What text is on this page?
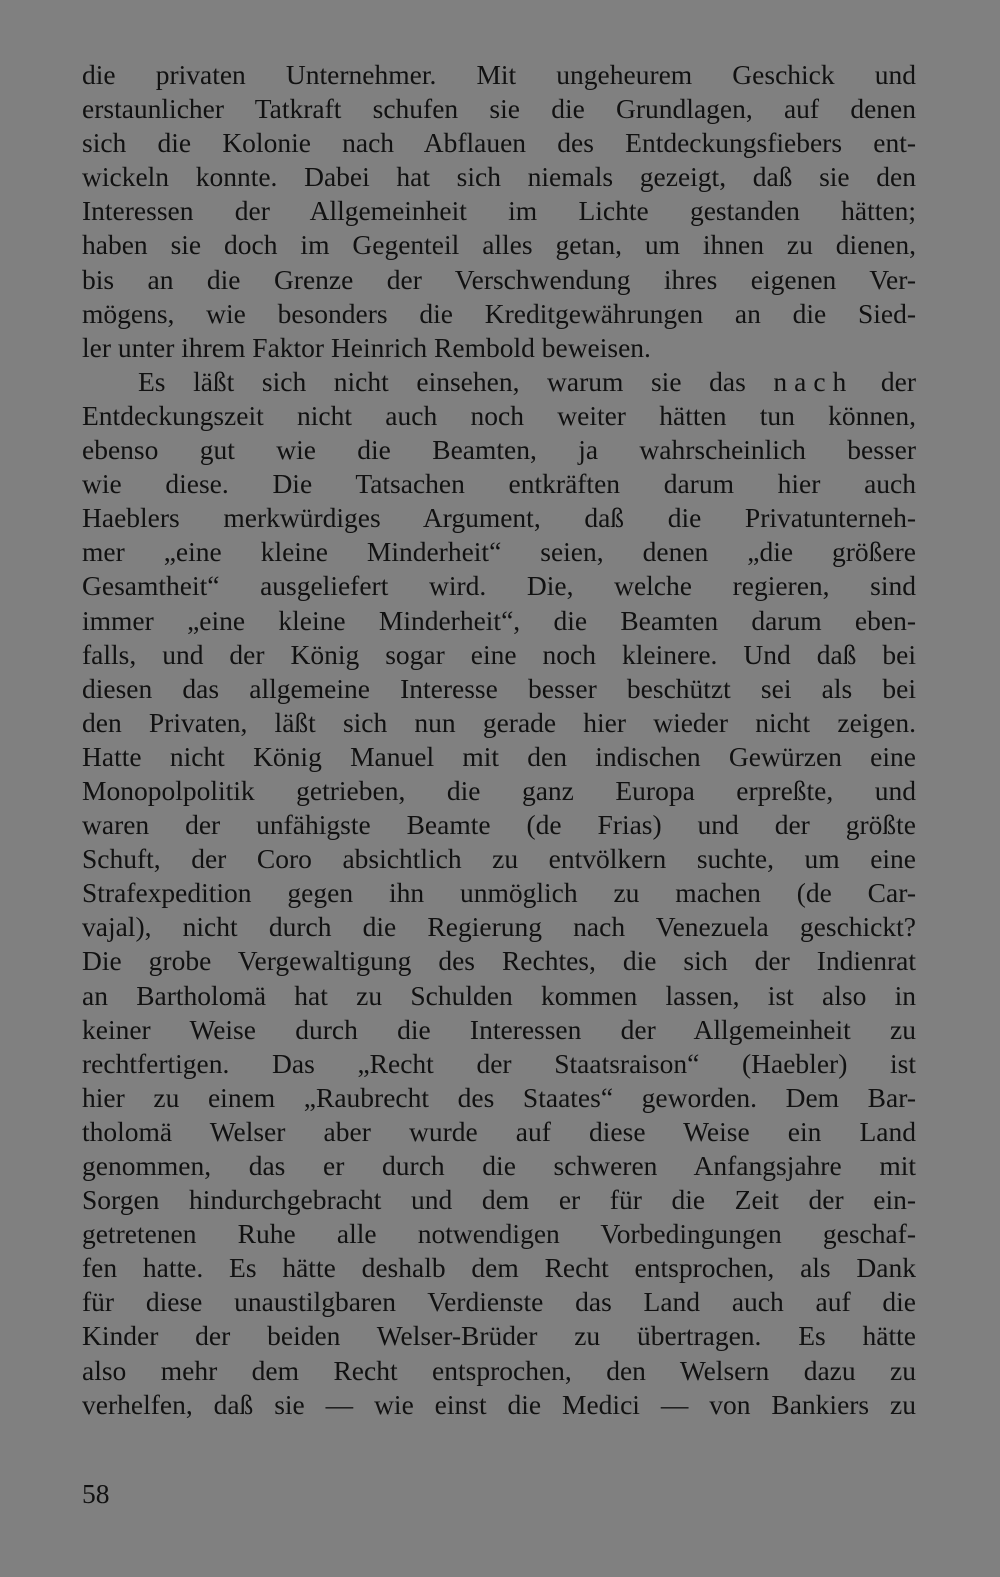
die privaten Unternehmer. Mit ungeheurem Geschick und
erstaunlicher Tatkraft schufen sie die Grundlagen, auf denen
sich die Kolonie nach Abflauen des Entdeckungsfiebers ent-
wickeln konnte. Dabei hat sich niemals gezeigt, daß sie den
Interessen der Allgemeinheit im Lichte gestanden hätten;
haben sie doch im Gegenteil alles getan, um ihnen zu dienen,
bis an die Grenze der Verschwendung ihres eigenen Ver-
mögens, wie besonders die Kreditgewährungen an die Sied-
ler unter ihrem Faktor Heinrich Rembold beweisen.
Es läßt sich nicht einsehen, warum sie das nach der
Entdeckungszeit nicht auch noch weiter hätten tun können,
ebenso gut wie die Beamten, ja wahrscheinlich besser
wie diese. Die Tatsachen entkräften darum hier auch
Haeblers merkwürdiges Argument, daß die Privatunterneh-
mer „eine kleine Minderheit“ seien, denen „die größere
Gesamtheit“ ausgeliefert wird. Die, welche regieren, sind
immer „eine kleine Minderheit“, die Beamten darum eben-
falls, und der König sogar eine noch kleinere. Und daß bei
diesen das allgemeine Interesse besser beschützt sei als bei
den Privaten, läßt sich nun gerade hier wieder nicht zeigen.
Hatte nicht König Manuel mit den indischen Gewürzen eine
Monopolpolitik getrieben, die ganz Europa erpreßte, und
waren der unfähigste Beamte (de Frias) und der größte
Schuft, der Coro absichtlich zu entvölkern suchte, um eine
Strafexpedition gegen ihn unmöglich zu machen (de Car-
vajal), nicht durch die Regierung nach Venezuela geschickt?
Die grobe Vergewaltigung des Rechtes, die sich der Indienrat
an Bartholomä hat zu Schulden kommen lassen, ist also in
keiner Weise durch die Interessen der Allgemeinheit zu
rechtfertigen. Das „Recht der Staatsraison“ (Haebler) ist
hier zu einem „Raubrecht des Staates“ geworden. Dem Bar-
tholomä Welser aber wurde auf diese Weise ein Land
genommen, das er durch die schweren Anfangsjahre mit
Sorgen hindurchgebracht und dem er für die Zeit der ein-
getretenen Ruhe alle notwendigen Vorbedingungen geschaf-
fen hatte. Es hätte deshalb dem Recht entsprochen, als Dank
für diese unaustilgbaren Verdienste das Land auch auf die
Kinder der beiden Welser-Brüder zu übertragen. Es hätte
also mehr dem Recht entsprochen, den Welsern dazu zu
verhelfen, daß sie — wie einst die Medici — von Bankiers zu
58
